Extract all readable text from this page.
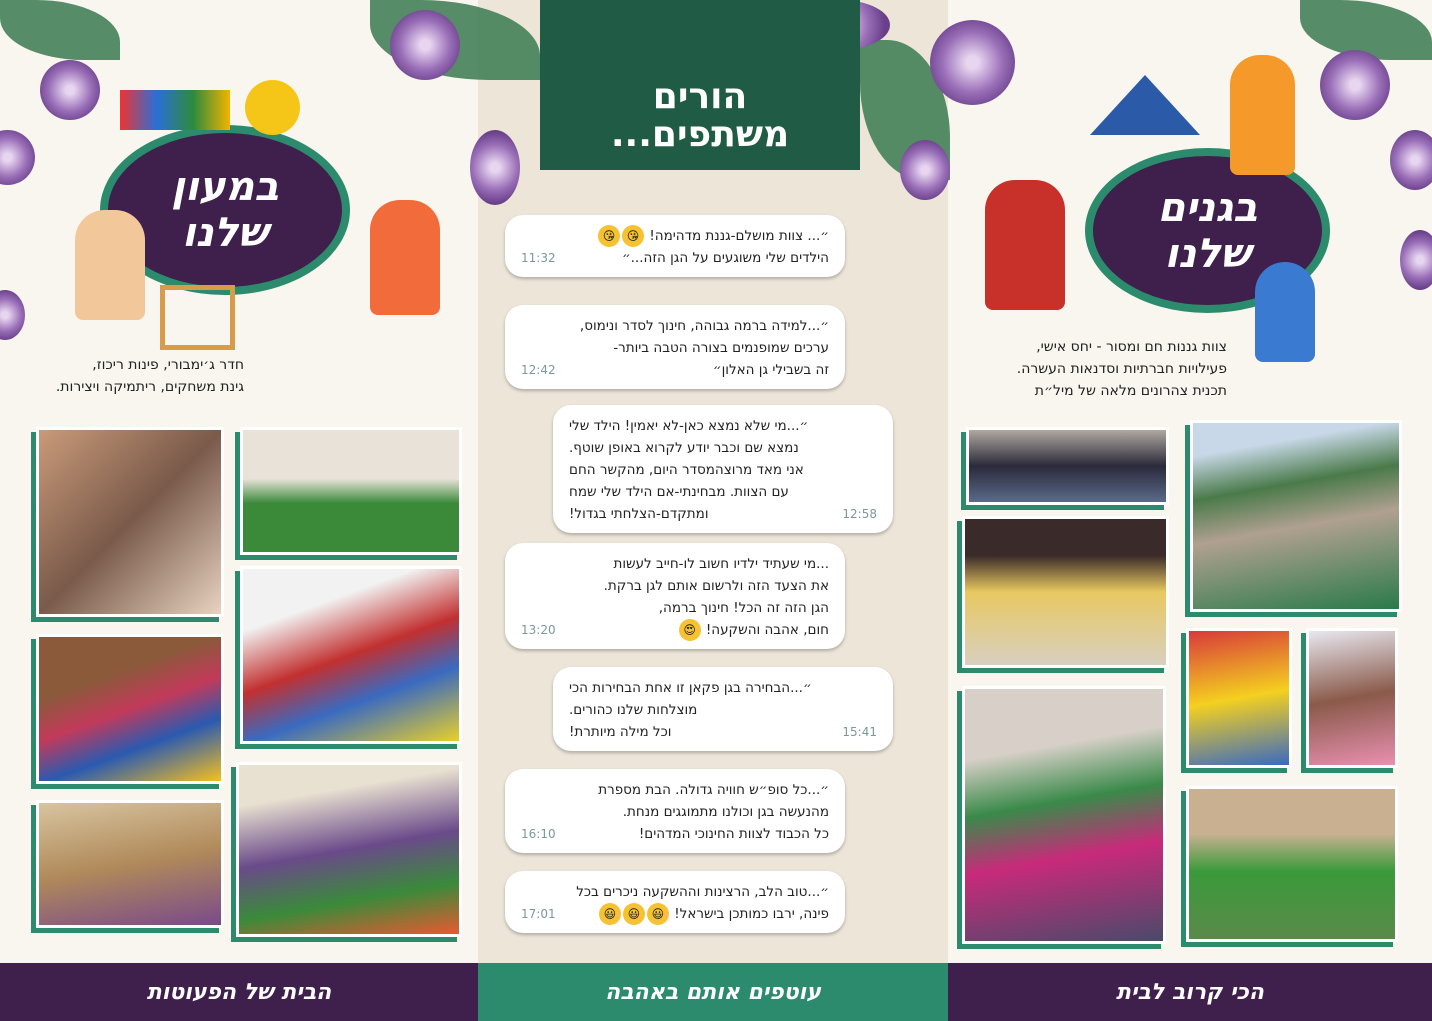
הורים
משתפים...
במעון שלנו
חדר ג׳ימבורי, פינות ריכוז,
גינת משחקים, ריתמיקה ויצירות.
בגנים שלנו
צוות גננות חם ומסור - יחס אישי,
פעילויות חברתיות וסדנאות העשרה.
תכנית צהרונים מלאה של מיל״ת
״... צוות מושלם-גננת מדהימה! 😘😘
הילדים שלי משוגעים על הגן הזה...״
11:32
״...למידה ברמה גבוהה, חינוך לסדר ונימוס,
ערכים שמופנמים בצורה הטבה ביותר-
זה בשבילי גן האלון״
12:42
״...מי שלא נמצא כאן-לא יאמין! הילד שלי
נמצא שם וכבר יודע לקרוא באופן שוטף.
אני מאד מרוצהמסדר היום, מהקשר החם
עם הצוות. מבחינתי-אם הילד שלי שמח
ומתקדם-הצלחתי בגדול!	12:58
...מי שעתיד ילדיו חשוב לו-חייב לעשות
את הצעד הזה ולרשום אותם לגן ברקת.
הגן הזה זה הכל! חינוך ברמה,
חום, אהבה והשקעה! 😍
13:20
״...הבחירה בגן פקאן זו אחת הבחירות הכי
מוצלחות שלנו כהורים.
וכל מילה מיותרת!	15:41
״...כל סופ״ש חוויה גדולה. הבת מספרת
מהנעשה בגן וכולנו מתמוגגים מנחת.
כל הכבוד לצוות החינוכי המדהים!
16:10
״...טוב הלב, הרצינות וההשקעה ניכרים בכל
פינה, ירבו כמותכן בישראל! 😃😃😃
17:01
הבית של הפעוטות	עוטפים אותם באהבה	הכי קרוב לבית
